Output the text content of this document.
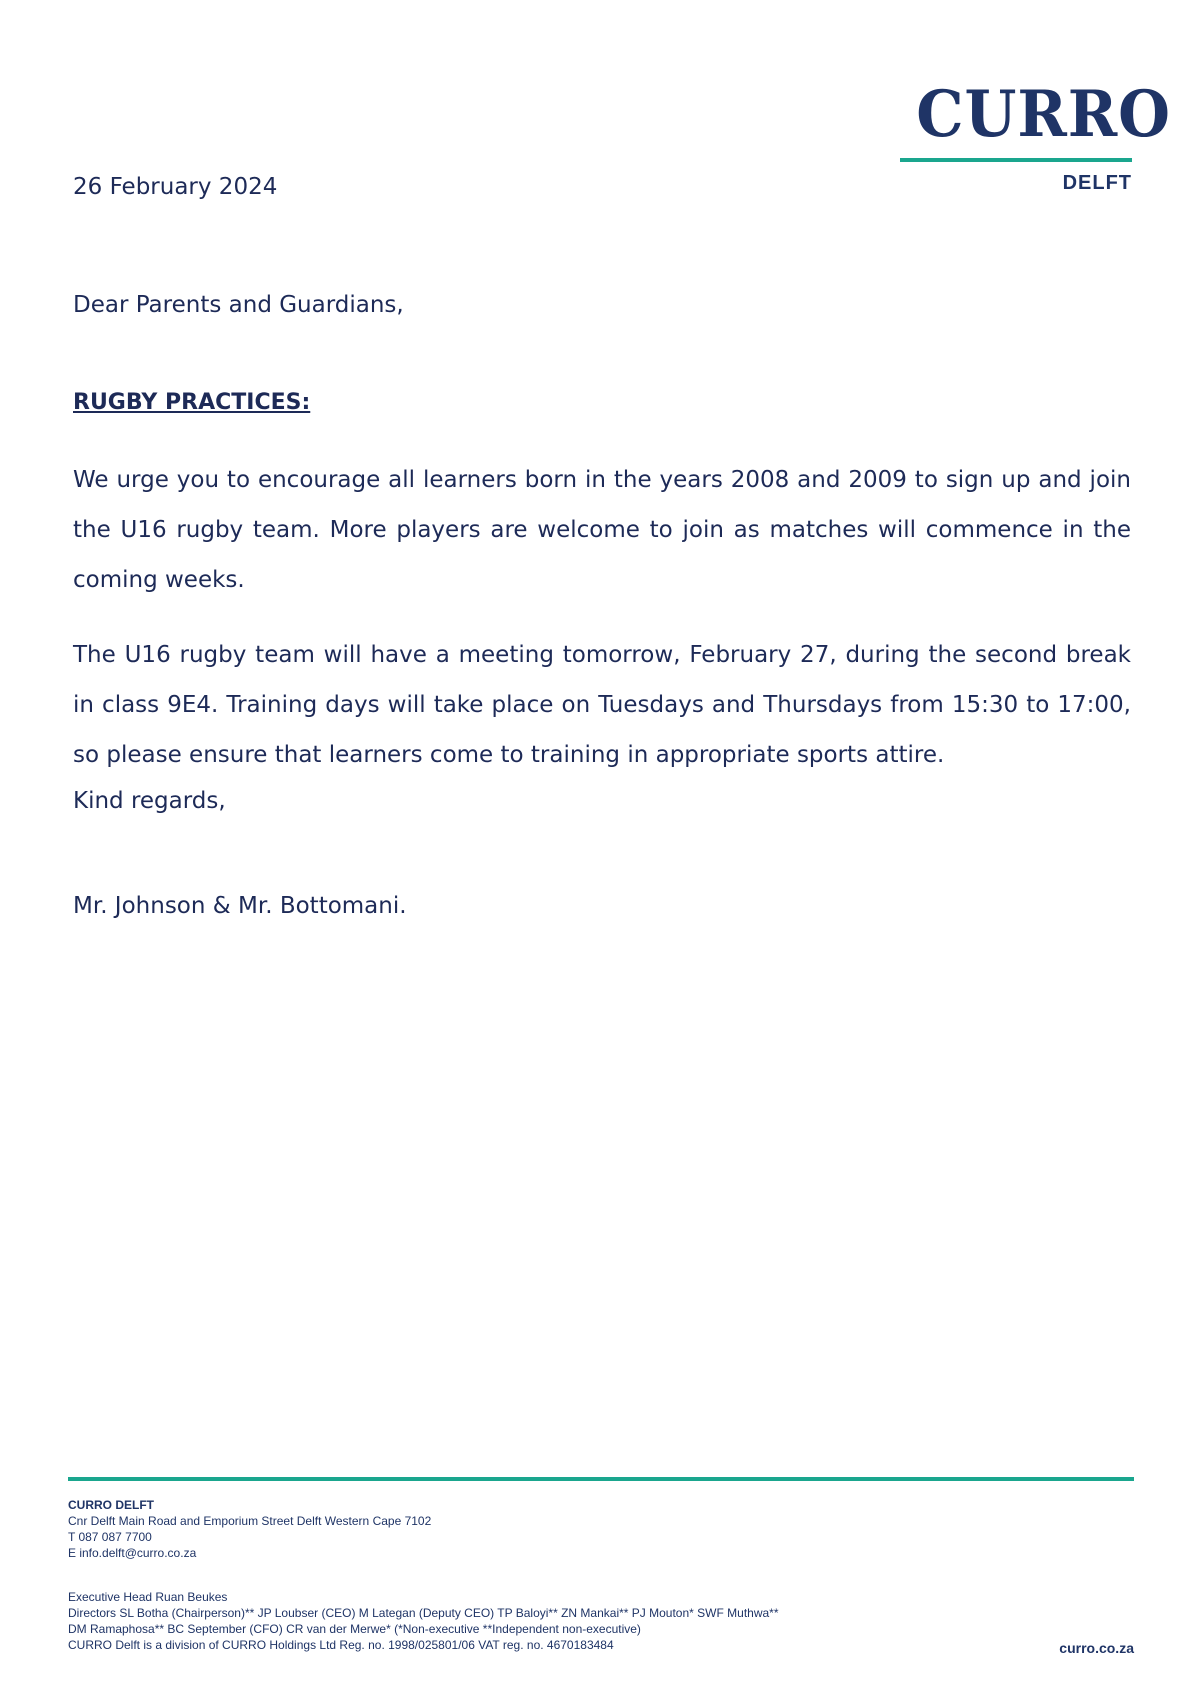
CURRO
DELFT

26 February 2024

Dear Parents and Guardians,

RUGBY PRACTICES:

We urge you to encourage all learners born in the years 2008 and 2009 to sign up and join the U16 rugby team. More players are welcome to join as matches will commence in the coming weeks.

The U16 rugby team will have a meeting tomorrow, February 27, during the second break in class 9E4. Training days will take place on Tuesdays and Thursdays from 15:30 to 17:00, so please ensure that learners come to training in appropriate sports attire.

Kind regards,

Mr. Johnson & Mr. Bottomani.

CURRO DELFT
Cnr Delft Main Road and Emporium Street Delft Western Cape 7102
T 087 087 7700
E info.delft@curro.co.za
Executive Head Ruan Beukes
Directors SL Botha (Chairperson)** JP Loubser (CEO) M Lategan (Deputy CEO) TP Baloyi** ZN Mankai** PJ Mouton* SWF Muthwa**
DM Ramaphosa** BC September (CFO) CR van der Merwe* (*Non-executive **Independent non-executive)
CURRO Delft is a division of CURRO Holdings Ltd Reg. no. 1998/025801/06 VAT reg. no. 4670183484	curro.co.za
